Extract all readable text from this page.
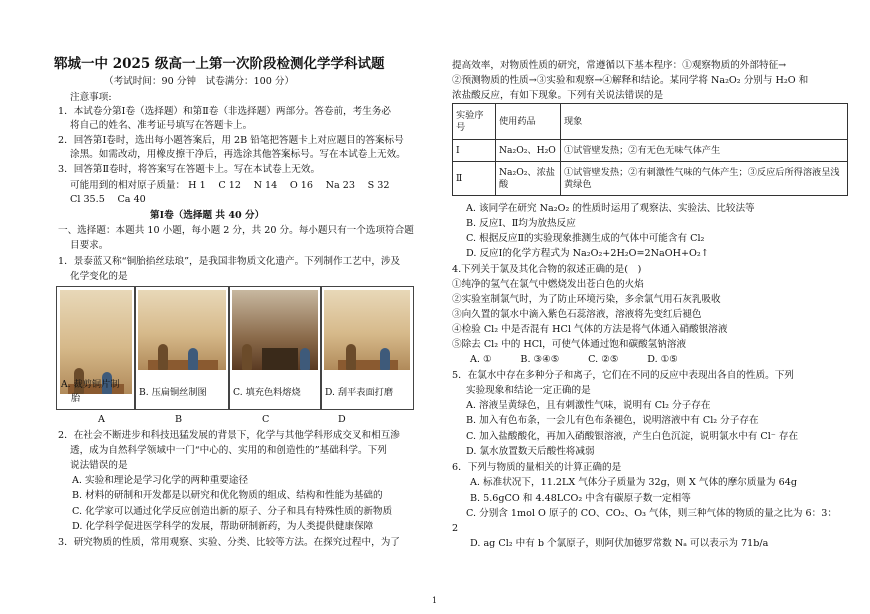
郓城一中 2025 级高一上第一次阶段检测化学学科试题
（考试时间：90 分钟　试卷满分：100 分）
注意事项:
1．本试卷分第Ⅰ卷（选择题）和第Ⅱ卷（非选择题）两部分。答卷前，考生务必
将自己的姓名、准考证号填写在答题卡上。
2．回答第Ⅰ卷时，选出每小题答案后，用 2B 铅笔把答题卡上对应题目的答案标号
涂黑。如需改动，用橡皮擦干净后，再选涂其他答案标号。写在本试卷上无效。
3．回答第Ⅱ卷时，将答案写在答题卡上。写在本试卷上无效。
可能用到的相对原子质量： H 1　 C 12　 N 14　 O 16　 Na 23　 S 32
Cl 35.5　 Ca 40
第Ⅰ卷（选择题 共 40 分）
一、选择题：本题共 10 小题，每小题 2 分，共 20 分。每小题只有一个选项符合题
目要求。
1．景泰蓝又称“铜胎掐丝珐琅”，是我国非物质文化遗产。下列制作工艺中，涉及
化学变化的是
A. 裁剪铜片制
胎
B. 压扁铜丝制图	C. 填充色料熔烧	D. 刮平表面打磨
A	B	C	D
2．在社会不断进步和科技迅猛发展的背景下，化学与其他学科形成交叉和相互渗
透，成为自然科学领域中一门“中心的、实用的和创造性的”基础科学。下列
说法错误的是
A. 实验和理论是学习化学的两种重要途径
B. 材料的研制和开发都是以研究和优化物质的组成、结构和性能为基础的
C. 化学家可以通过化学反应创造出新的原子、分子和具有特殊性质的新物质
D. 化学科学促进医学科学的发展，帮助研制新药，为人类提供健康保障
3．研究物质的性质，常用观察、实验、分类、比较等方法。在探究过程中，为了
提高效率，对物质性质的研究，常遵循以下基本程序：①观察物质的外部特征→
②预测物质的性质→③实验和观察→④解释和结论。某同学将 Na₂O₂ 分别与 H₂O 和
浓盐酸反应，有如下现象。下列有关说法错误的是
实验序号	使用药品	现象
Ⅰ	Na₂O₂、H₂O	①试管壁发热；②有无色无味气体产生
Ⅱ	Na₂O₂、浓盐酸	①试管壁发热；②有刺激性气味的气体产生；③反应后所得溶液呈浅黄绿色
A. 该同学在研究 Na₂O₂ 的性质时运用了观察法、实验法、比较法等
B. 反应Ⅰ、Ⅱ均为放热反应
C. 根据反应Ⅱ的实验现象推测生成的气体中可能含有 Cl₂
D. 反应Ⅰ的化学方程式为 Na₂O₂+2H₂O=2NaOH+O₂↑
4.下列关于氯及其化合物的叙述正确的是(　)
①纯净的氢气在氯气中燃烧发出苍白色的火焰
②实验室制氯气时，为了防止环境污染，多余氯气用石灰乳吸收
③向久置的氯水中滴入紫色石蕊溶液，溶液将先变红后褪色
④检验 Cl₂ 中是否混有 HCl 气体的方法是将气体通入硝酸银溶液
⑤除去 Cl₂ 中的 HCl，可使气体通过饱和碳酸氢钠溶液
A. ①　　　B. ③④⑤　　　C. ②⑤　　　D. ①⑤
5．在氯水中存在多种分子和离子，它们在不同的反应中表现出各自的性质。下列
实验现象和结论一定正确的是
A. 溶液呈黄绿色，且有刺激性气味，说明有 Cl₂ 分子存在
B. 加入有色布条，一会儿有色布条褪色，说明溶液中有 Cl₂ 分子存在
C. 加入盐酸酸化，再加入硝酸银溶液，产生白色沉淀，说明氯水中有 Cl⁻ 存在
D. 氯水放置数天后酸性将减弱
6．下列与物质的量相关的计算正确的是
A. 标准状况下，11.2LX 气体分子质量为 32g，则 X 气体的摩尔质量为 64g
B. 5.6gCO 和 4.48LCO₂ 中含有碳原子数一定相等
C. 分别含 1mol O 原子的 CO、CO₂、O₃ 气体，则三种气体的物质的量之比为 6：3：
2
D. ag Cl₂ 中有 b 个氯原子，则阿伏加德罗常数 Nₐ 可以表示为 71b/a
1
